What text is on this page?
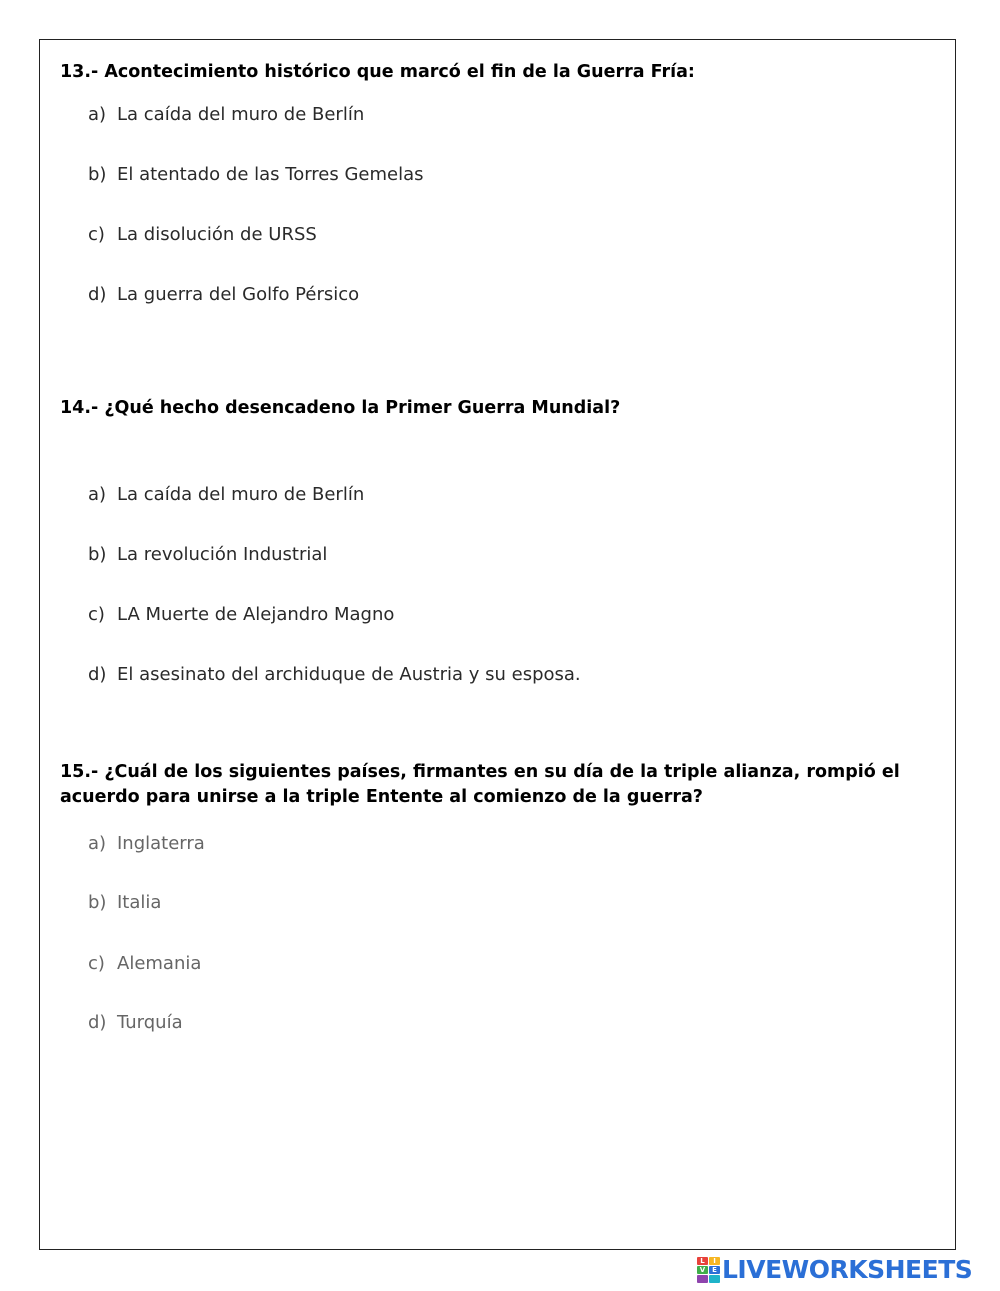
13.- Acontecimiento histórico que marcó el fin de la Guerra Fría:
a) La caída del muro de Berlín
b) El atentado de las Torres Gemelas
c) La disolución de URSS
d) La guerra del Golfo Pérsico
14.- ¿Qué hecho desencadeno la Primer Guerra Mundial?
a) La caída del muro de Berlín
b) La revolución Industrial
c) LA Muerte de Alejandro Magno
d) El asesinato del archiduque de Austria y su esposa.
15.- ¿Cuál de los siguientes países, firmantes en su día de la triple alianza, rompió el acuerdo para unirse a la triple Entente al comienzo de la guerra?
a) Inglaterra
b) Italia
c) Alemania
d) Turquía
L	I
V E LIVEWORKSHEETS
